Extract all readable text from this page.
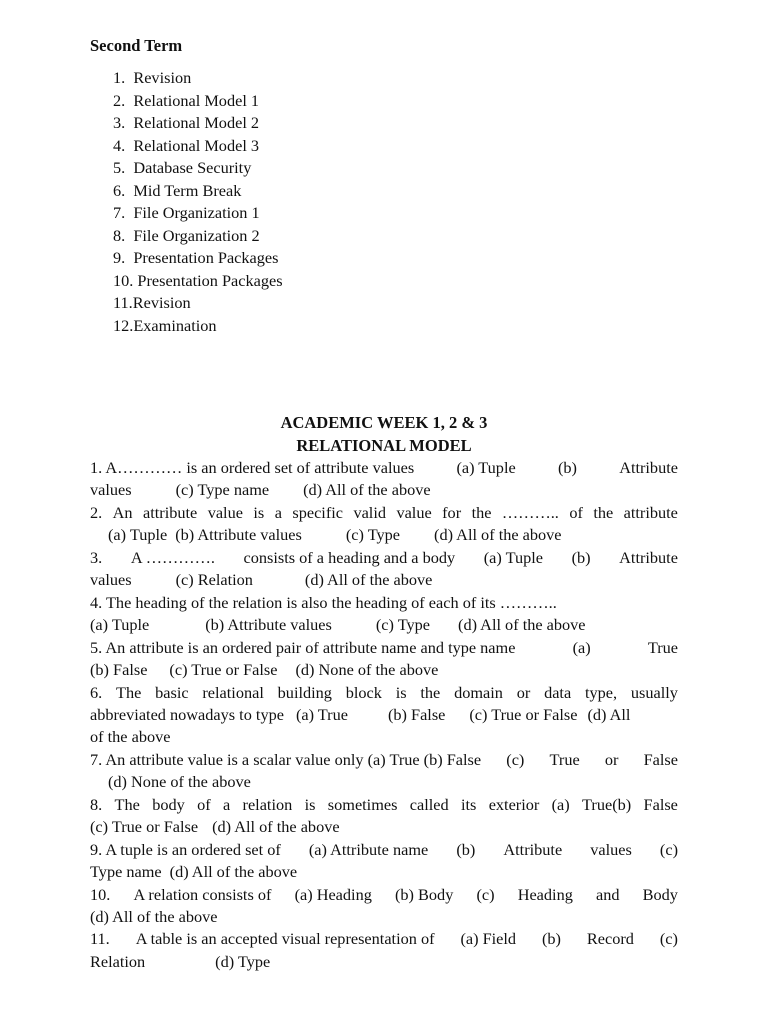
Second Term
1.  Revision
2.  Relational Model 1
3.  Relational Model 2
4.  Relational Model 3
5.  Database Security
6.  Mid Term Break
7.  File Organization 1
8.  File Organization 2
9.  Presentation Packages
10. Presentation Packages
11.Revision
12.Examination
ACADEMIC WEEK 1, 2 & 3
RELATIONAL MODEL
1. A………… is an ordered set of attribute values	(a) Tuple	(b)	Attribute
values	(c) Type name (d) All of the above
2. An attribute value is a specific valid value for the ……….. of the attribute
(a) Tuple (b) Attribute values	(c) Type (d) All of the above
3. A …………. consists of a heading and a body (a) Tuple (b) Attribute
values	(c) Relation	(d) All of the above
4. The heading of the relation is also the heading of each of its ………..
(a) Tuple	(b) Attribute values	(c) Type (d) All of the above
5. An attribute is an ordered pair of attribute name and type name	(a)	True
(b) False (c) True or False (d) None of the above
6. The basic relational building block is the domain or data type, usually
abbreviated nowadays to type (a) True (b) False (c) True or False (d) All
of the above
7. An attribute value is a scalar value only (a) True (b) False (c) True or False
(d) None of the above
8. The body of a relation is sometimes called its exterior (a) True(b) False
(c) True or False (d) All of the above
9. A tuple is an ordered set of (a) Attribute name (b) Attribute values (c)
Type name (d) All of the above
10. A relation consists of (a) Heading (b) Body (c) Heading and Body
(d) All of the above
11. A table is an accepted visual representation of (a) Field (b) Record (c)
Relation	(d) Type
